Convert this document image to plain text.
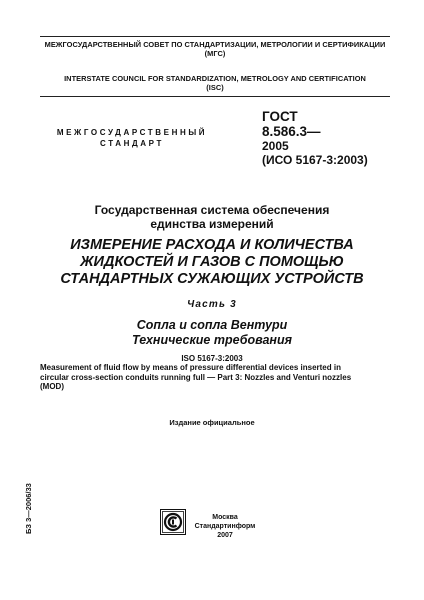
МЕЖГОСУДАРСТВЕННЫЙ СОВЕТ ПО СТАНДАРТИЗАЦИИ, МЕТРОЛОГИИ И СЕРТИФИКАЦИИ
(МГС)
INTERSTATE COUNCIL FOR STANDARDIZATION, METROLOGY AND CERTIFICATION
(ISC)
МЕЖГОСУДАРСТВЕННЫЙ
СТАНДАРТ
ГОСТ
8.586.3—
2005
(ИСО 5167-3:2003)
Государственная система обеспечения
единства измерений
ИЗМЕРЕНИЕ РАСХОДА И КОЛИЧЕСТВА
ЖИДКОСТЕЙ И ГАЗОВ С ПОМОЩЬЮ
СТАНДАРТНЫХ СУЖАЮЩИХ УСТРОЙСТВ
Часть 3
Сопла и сопла Вентури
Технические требования
ISO 5167-3:2003
Measurement of fluid flow by means of pressure differential devices inserted in
circular cross-section conduits running full — Part 3: Nozzles and Venturi nozzles
(MOD)
Издание официальное
БЗ 3—2006/33	Москва
Стандартинформ
2007
